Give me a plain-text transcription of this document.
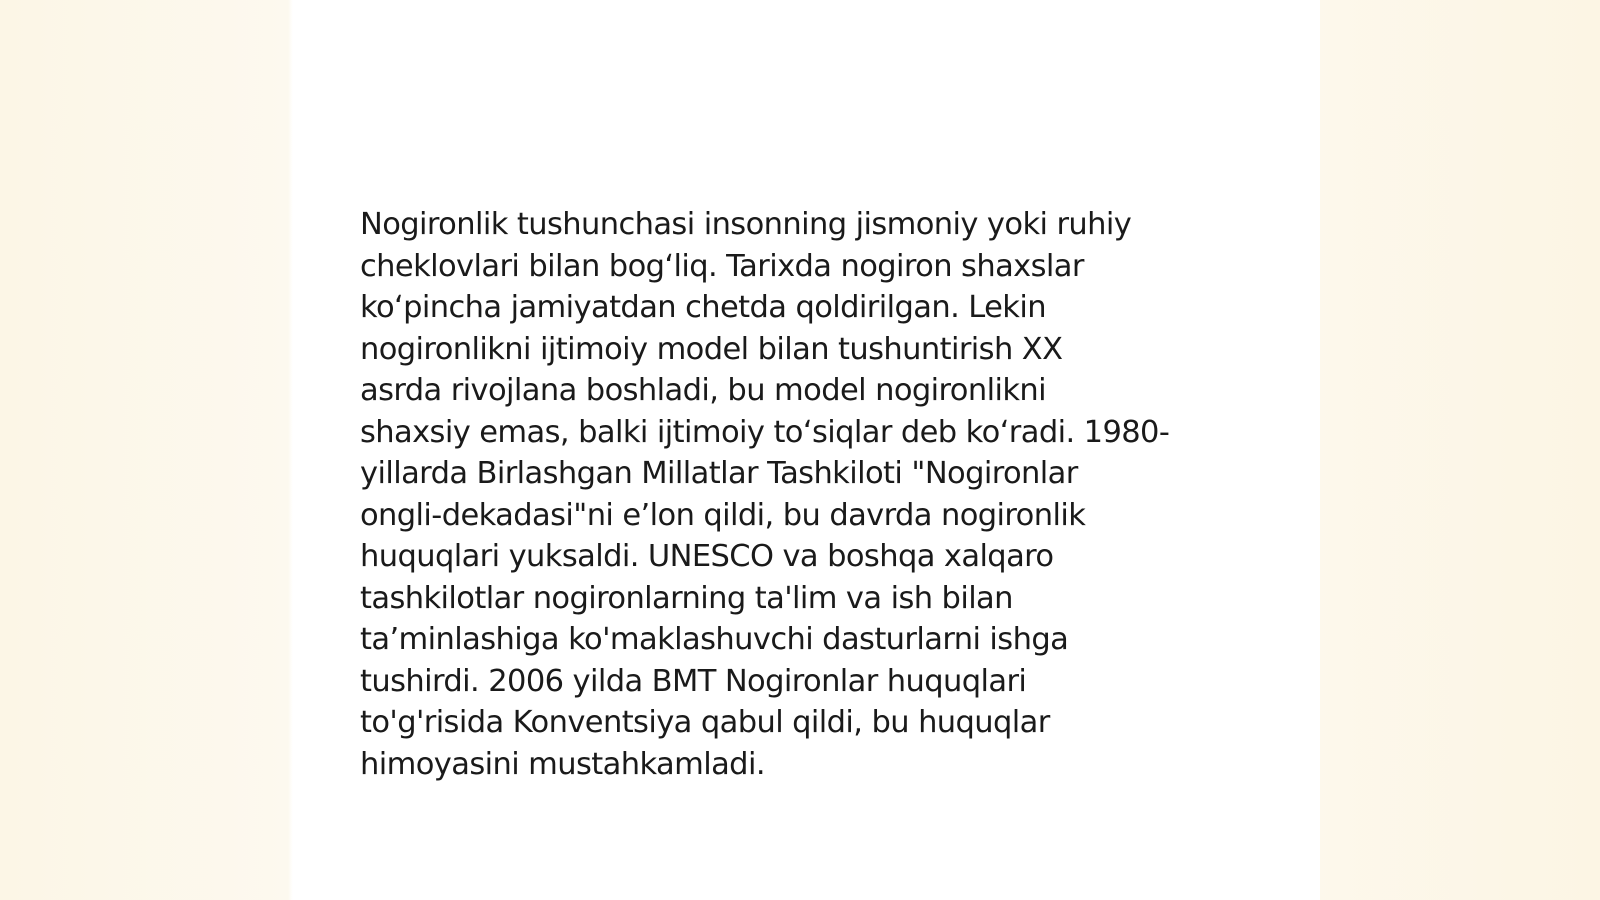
Nogironlik tushunchasi insonning jismoniy yoki ruhiy
cheklovlari bilan bog‘liq. Tarixda nogiron shaxslar
ko‘pincha jamiyatdan chetda qoldirilgan. Lekin
nogironlikni ijtimoiy model bilan tushuntirish XX
asrda rivojlana boshladi, bu model nogironlikni
shaxsiy emas, balki ijtimoiy to‘siqlar deb ko‘radi. 1980-
yillarda Birlashgan Millatlar Tashkiloti "Nogironlar
ongli-dekadasi"ni e’lon qildi, bu davrda nogironlik
huquqlari yuksaldi. UNESCO va boshqa xalqaro
tashkilotlar nogironlarning ta'lim va ish bilan
ta’minlashiga ko'maklashuvchi dasturlarni ishga
tushirdi. 2006 yilda BMT Nogironlar huquqlari
to'g'risida Konventsiya qabul qildi, bu huquqlar
himoyasini mustahkamladi.
